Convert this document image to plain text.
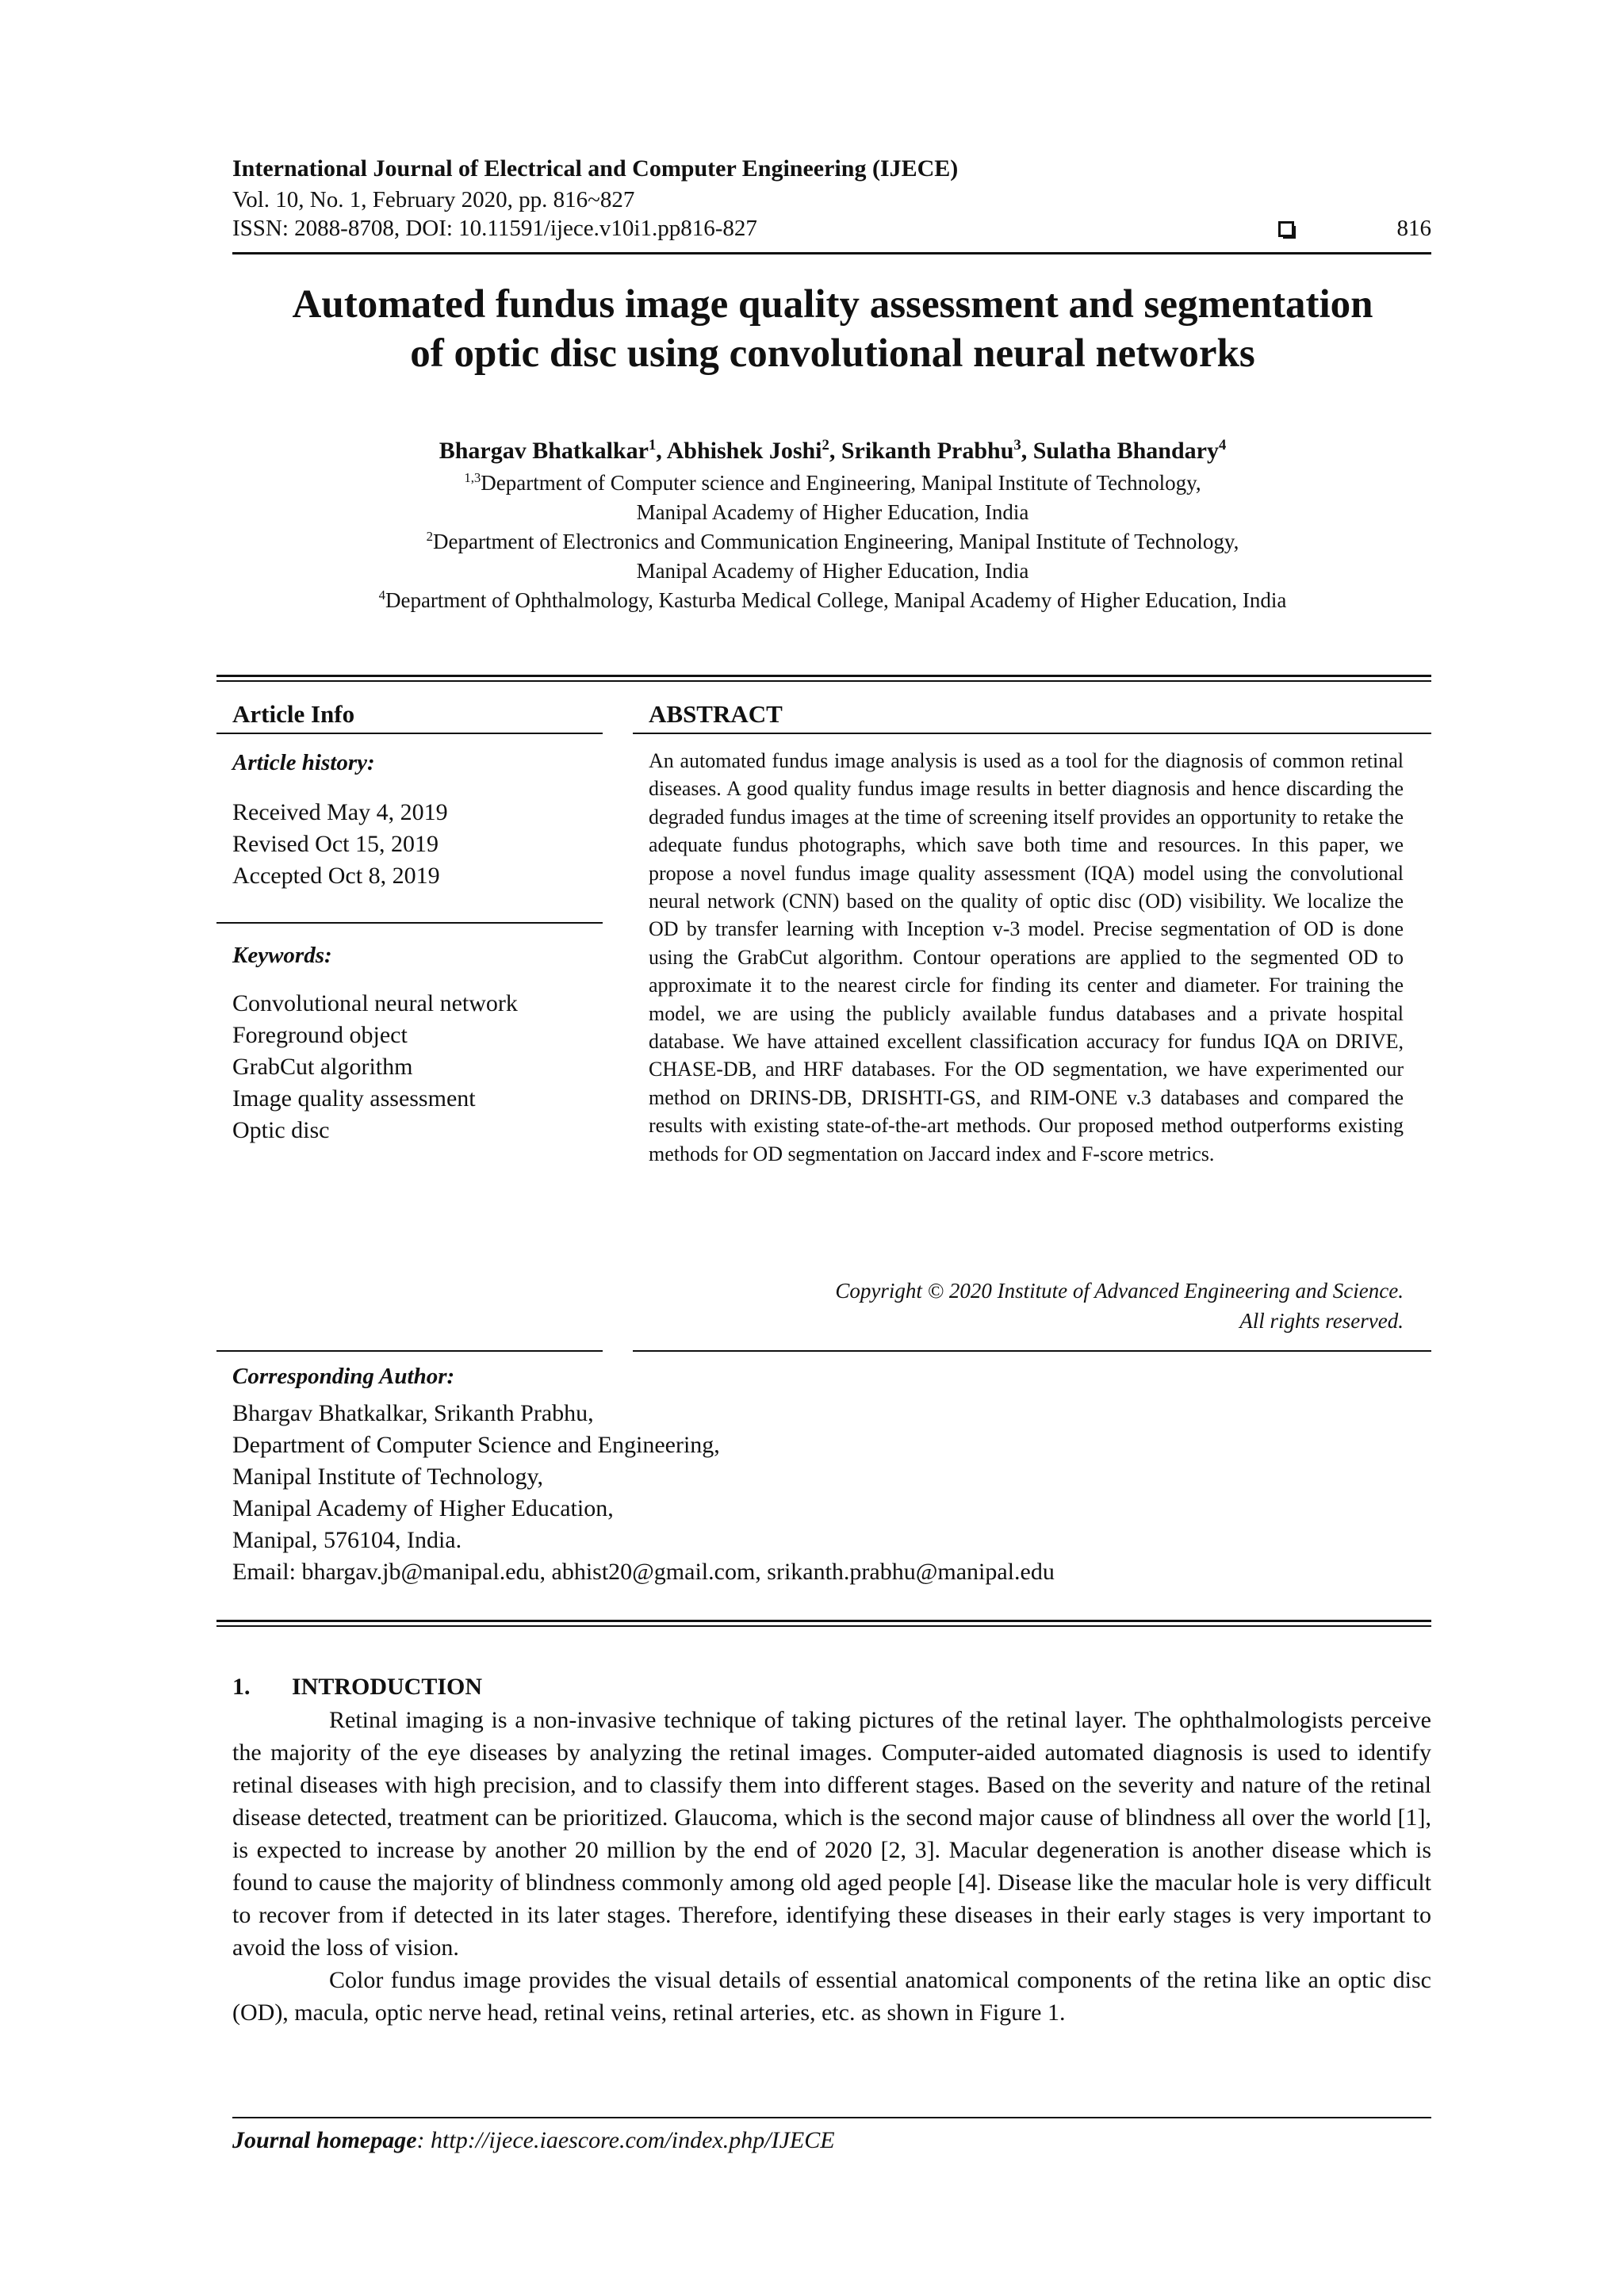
International Journal of Electrical and Computer Engineering (IJECE)
Vol. 10, No. 1, February 2020, pp. 816~827
ISSN: 2088-8708, DOI: 10.11591/ijece.v10i1.pp816-827	816
Automated fundus image quality assessment and segmentation
of optic disc using convolutional neural networks
Bhargav Bhatkalkar$^1$, Abhishek Joshi$^2$, Srikanth Prabhu$^3$, Sulatha Bhandary$^4$
$^{1,3}$Department of Computer science and Engineering, Manipal Institute of Technology,
Manipal Academy of Higher Education, India
$^2$Department of Electronics and Communication Engineering, Manipal Institute of Technology,
Manipal Academy of Higher Education, India
$^4$Department of Ophthalmology, Kasturba Medical College, Manipal Academy of Higher Education, India
Article Info
Article history:
Received May 4, 2019
Revised Oct 15, 2019
Accepted Oct 8, 2019
Keywords:
Convolutional neural network
Foreground object
GrabCut algorithm
Image quality assessment
Optic disc
ABSTRACT
An automated fundus image analysis is used as a tool for the diagnosis of common retinal diseases. A good quality fundus image results in better diagnosis and hence discarding the degraded fundus images at the time of screening itself provides an opportunity to retake the adequate fundus photographs, which save both time and resources. In this paper, we propose a novel fundus image quality assessment (IQA) model using the convolutional neural network (CNN) based on the quality of optic disc (OD) visibility. We localize the OD by transfer learning with Inception v-3 model. Precise segmentation of OD is done using the GrabCut algorithm. Contour operations are applied to the segmented OD to approximate it to the nearest circle for finding its center and diameter. For training the model, we are using the publicly available fundus databases and a private hospital database. We have attained excellent classification accuracy for fundus IQA on DRIVE, CHASE-DB, and HRF databases. For the OD segmentation, we have experimented our method on DRINS-DB, DRISHTI-GS, and RIM-ONE v.3 databases and compared the results with existing state-of-the-art methods. Our proposed method outperforms existing methods for OD segmentation on Jaccard index and F-score metrics.
Copyright © 2020 Institute of Advanced Engineering and Science.
All rights reserved.
Corresponding Author:
Bhargav Bhatkalkar, Srikanth Prabhu,
Department of Computer Science and Engineering,
Manipal Institute of Technology,
Manipal Academy of Higher Education,
Manipal, 576104, India.
Email: bhargav.jb@manipal.edu, abhist20@gmail.com, srikanth.prabhu@manipal.edu
1. INTRODUCTION

Retinal imaging is a non-invasive technique of taking pictures of the retinal layer. The ophthalmologists perceive the majority of the eye diseases by analyzing the retinal images. Computer-aided automated diagnosis is used to identify retinal diseases with high precision, and to classify them into different stages. Based on the severity and nature of the retinal disease detected, treatment can be prioritized. Glaucoma, which is the second major cause of blindness all over the world [1], is expected to increase by another 20 million by the end of 2020 [2, 3]. Macular degeneration is another disease which is found to cause the majority of blindness commonly among old aged people [4]. Disease like the macular hole is very difficult to recover from if detected in its later stages. Therefore, identifying these diseases in their early stages is very important to avoid the loss of vision.

Color fundus image provides the visual details of essential anatomical components of the retina like an optic disc (OD), macula, optic nerve head, retinal veins, retinal arteries, etc. as shown in Figure 1.

Journal homepage: http://ijece.iaescore.com/index.php/IJECE
